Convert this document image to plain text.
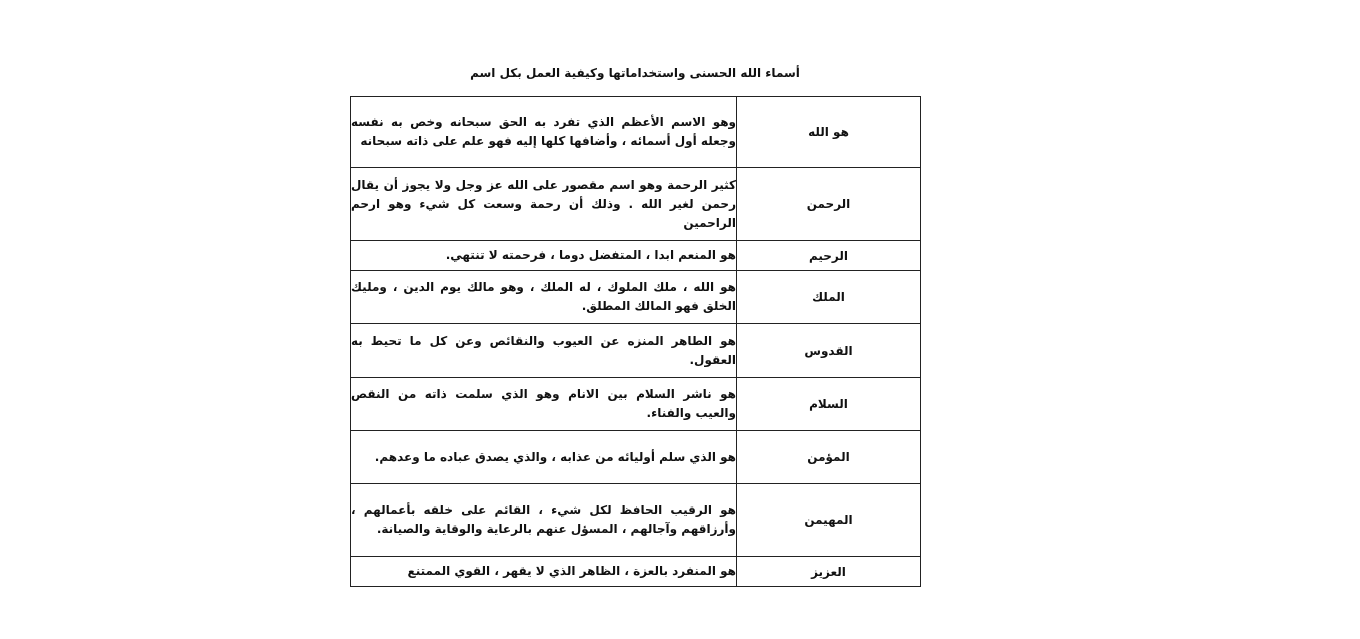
أسماء الله الحسنى واستخداماتها وكيفية العمل بكل اسم
هو الله	وهو الاسم الأعظم الذي تفرد به الحق سبحانه وخص به نفسه وجعله أول أسمائه ، وأضافها كلها إليه فهو علم على ذاته سبحانه

الرحمن	كثير الرحمة وهو اسم مقصور على الله عز وجل ولا يجوز أن يقال رحمن لغير الله . وذلك أن رحمة وسعت كل شيء وهو ارحم الراحمين

الرحيم	هو المنعم ابدا ، المتفضل دوما ، فرحمته لا تنتهي.

الملك	هو الله ، ملك الملوك ، له الملك ، وهو مالك يوم الدين ، ومليك الخلق فهو المالك المطلق.

القدوس	هو الطاهر المنزه عن العيوب والنقائص وعن كل ما تحيط به العقول.

السلام	هو ناشر السلام بين الانام وهو الذي سلمت ذاته من النقص والعيب والفناء.

المؤمن	هو الذي سلم أوليائه من عذابه ، والذي يصدق عباده ما وعدهم.

المهيمن	هو الرقيب الحافظ لكل شيء ، القائم على خلقه بأعمالهم ، وأرزاقهم وآجالهم ، المسؤل عنهم بالرعاية والوقاية والصيانة.

العزيز	هو المنفرد بالعزة ، الظاهر الذي لا يقهر ، القوي الممتنع
